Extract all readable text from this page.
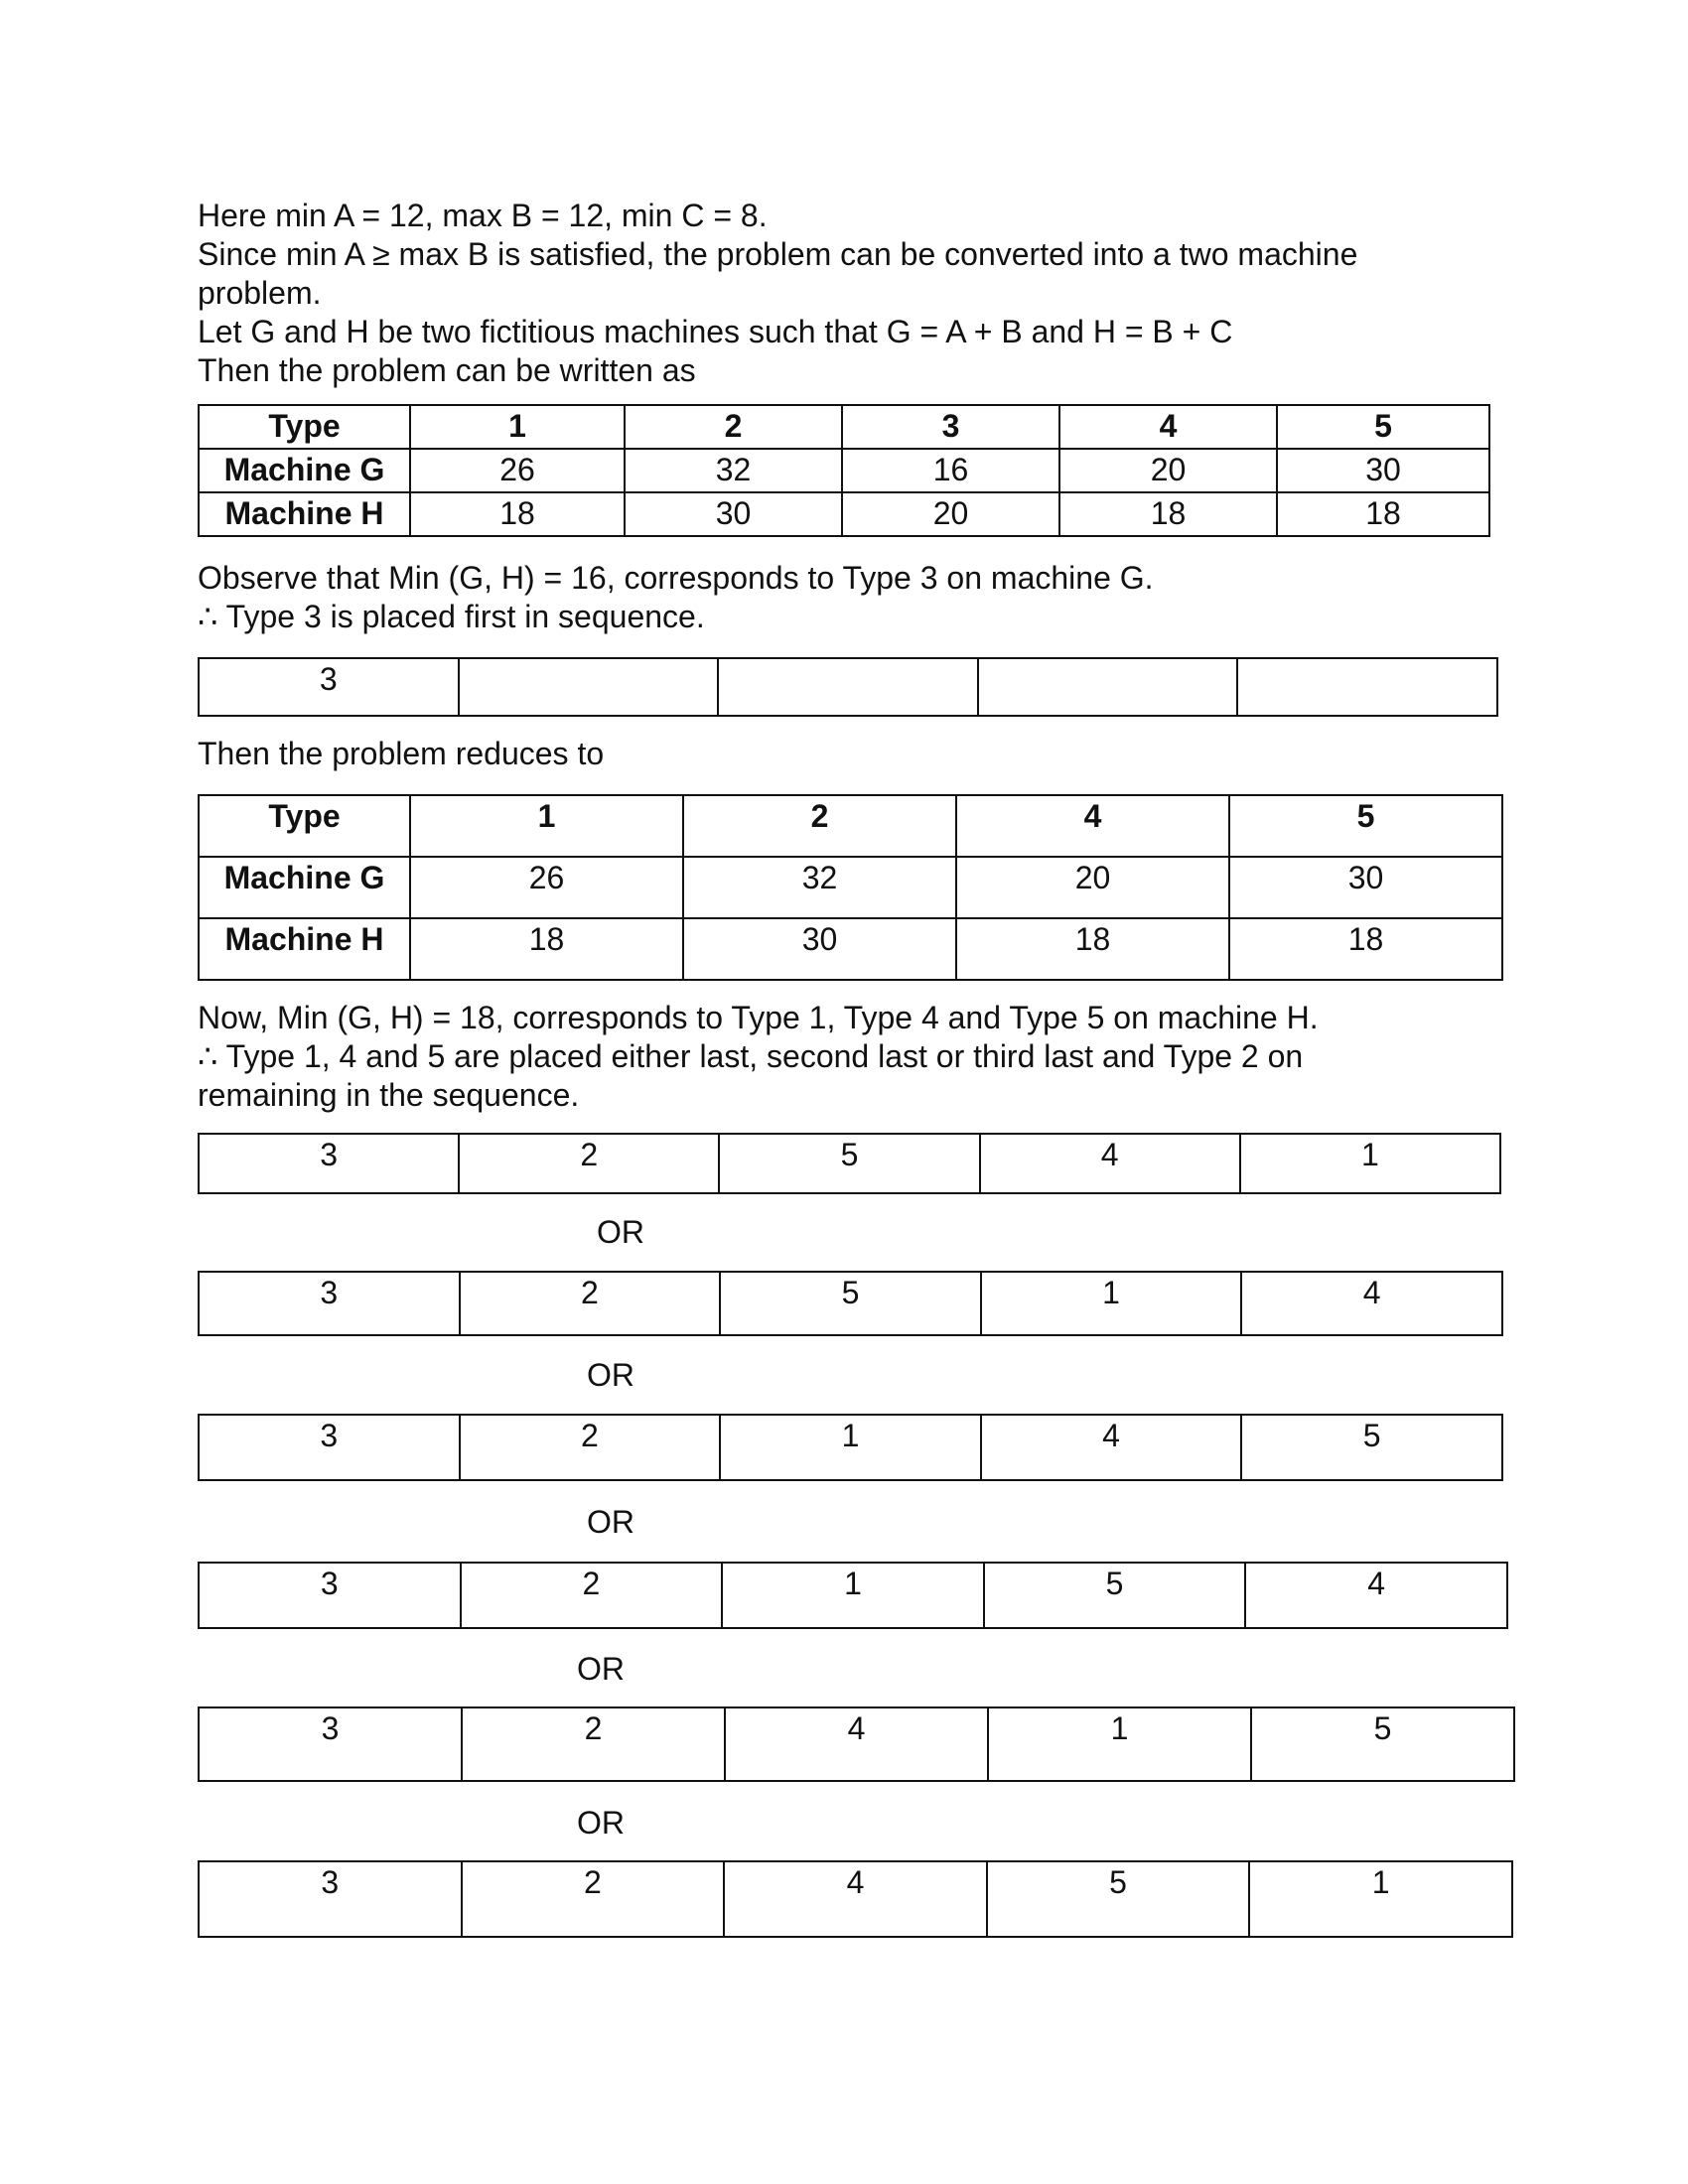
Here min A = 12, max B = 12, min C = 8.
Since min A ≥ max B is satisfied, the problem can be converted into a two machine
problem.
Let G and H be two fictitious machines such that G = A + B and H = B + C
Then the problem can be written as

Type	1	2	3	4	5
Machine G	26	32	16	20	30
Machine H	18	30	20	18	18

Observe that Min (G, H) = 16, corresponds to Type 3 on machine G.
∴ Type 3 is placed first in sequence.

3				

Then the problem reduces to

Type	1	2	4	5
Machine G	26	32	20	30
Machine H	18	30	18	18

Now, Min (G, H) = 18, corresponds to Type 1, Type 4 and Type 5 on machine H.
∴ Type 1, 4 and 5 are placed either last, second last or third last and Type 2 on
remaining in the sequence.

3	2	5	4	1
OR
3	2	5	1	4
OR
3	2	1	4	5
OR
3	2	1	5	4
OR
3	2	4	1	5
OR
3	2	4	5	1
